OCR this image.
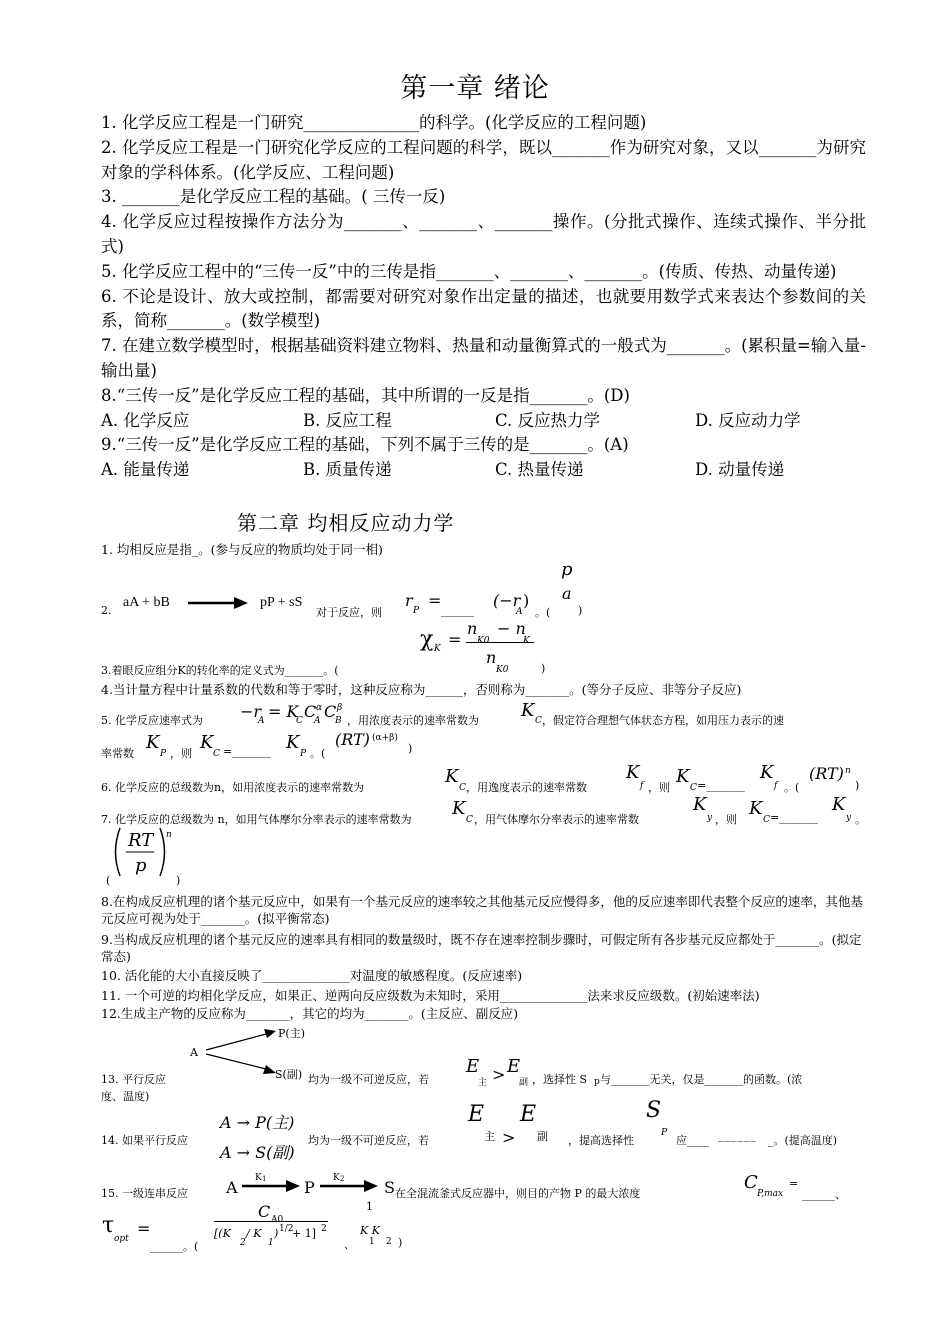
第一章 绪论

1. 化学反应工程是一门研究______________的科学。(化学反应的工程问题)

2. 化学反应工程是一门研究化学反应的工程问题的科学，既以_______作为研究对象，又以_______为研究对象的学科体系。(化学反应、工程问题)

3. _______是化学反应工程的基础。( 三传一反)

4. 化学反应过程按操作方法分为_______、_______、_______操作。(分批式操作、连续式操作、半分批式)

5. 化学反应工程中的“三传一反”中的三传是指_______、_______、_______。(传质、传热、动量传递)

6. 不论是设计、放大或控制，都需要对研究对象作出定量的描述，也就要用数学式来表达个参数间的关系，简称_______。(数学模型)

7. 在建立数学模型时，根据基础资料建立物料、热量和动量衡算式的一般式为_______。(累积量=输入量-输出量)

8.“三传一反”是化学反应工程的基础，其中所谓的一反是指_______。(D)

A. 化学反应	B. 反应工程	C. 反应热力学	D. 反应动力学

9.“三传一反”是化学反应工程的基础，下列不属于三传的是_______。(A)

A. 能量传递	B. 质量传递	C. 热量传递	D. 动量传递

第二章 均相反应动力学
1. 均相反应是指_。(参与反应的物质均处于同一相)
2.
aA + bB → pP + sS
对于反应，则
r
P
=
______
(−r
A
)
。(
p
a
)
χ K =
n
K0
− n
K
n
K0
3.着眼反应组分K的转化率的定义式为_______。(	)
4.当计量方程中计量系数的代数和等于零时，这种反应称为______，否则称为_______。(等分子反应、非等分子反应)
5. 化学反应速率式为 −r
A = K
C C
A
α C
B
β
，用浓度表示的速率常数为 K C ，假定符合理想气体状态方程，如用压力表示的速
率常数
K
P ，则
K
C =_______ K
P 。(
(RT) (α+β)
)
6. 化学反应的总级数为n，如用浓度表示的速率常数为
K
C ，用逸度表示的速率常数
K
f ，则
K
C =_______
K
f 。(
(RT) n
)
7. 化学反应的总级数为 n，如用气体摩尔分率表示的速率常数为
K
C ，用气体摩尔分率表示的速率常数
K
y ，则
K
C =_______
K
y 。
RT
p
n
(	)
8.在构成反应机理的诸个基元反应中，如果有一个基元反应的速率较之其他基元反应慢得多，他的反应速率即代表整个反应的速率，其他基元反应可视为处于_______。(拟平衡常态)
9.当构成反应机理的诸个基元反应的速率具有相同的数量级时，既不存在速率控制步骤时，可假定所有各步基元反应都处于_______。(拟定常态)
10. 活化能的大小直接反映了______________对温度的敏感程度。(反应速率)
11. 一个可逆的均相化学反应，如果正、逆两向反应级数为未知时，采用______________法来求反应级数。(初始速率法)
12.生成主产物的反应称为_______，其它的均为_______。(主反应、副反应)
P(主)
A
13. 平行反应	S(副) 均为一级不可逆反应，若
E
主 > E
副 ，选择性 S p 与_______无关，仅是_______的函数。(浓
度、温度)
A → P(主)
A → S(副)
14. 如果平行反应	均为一级不可逆反应，若
E
主 >
E
副 ，提高选择性
S
P
应____ ______ _。(提高温度)
15. 一级连串反应 A K 1 → P K 2 → S 在全混流釜式反应器中，则目的产物 P 的最大浓度
C
P,max
=
______、
τ
opt
=
______。(
C A0
[(K
2
/ K
1
) 1/2
+ 1] 2
、
1
K K
1 2 )
